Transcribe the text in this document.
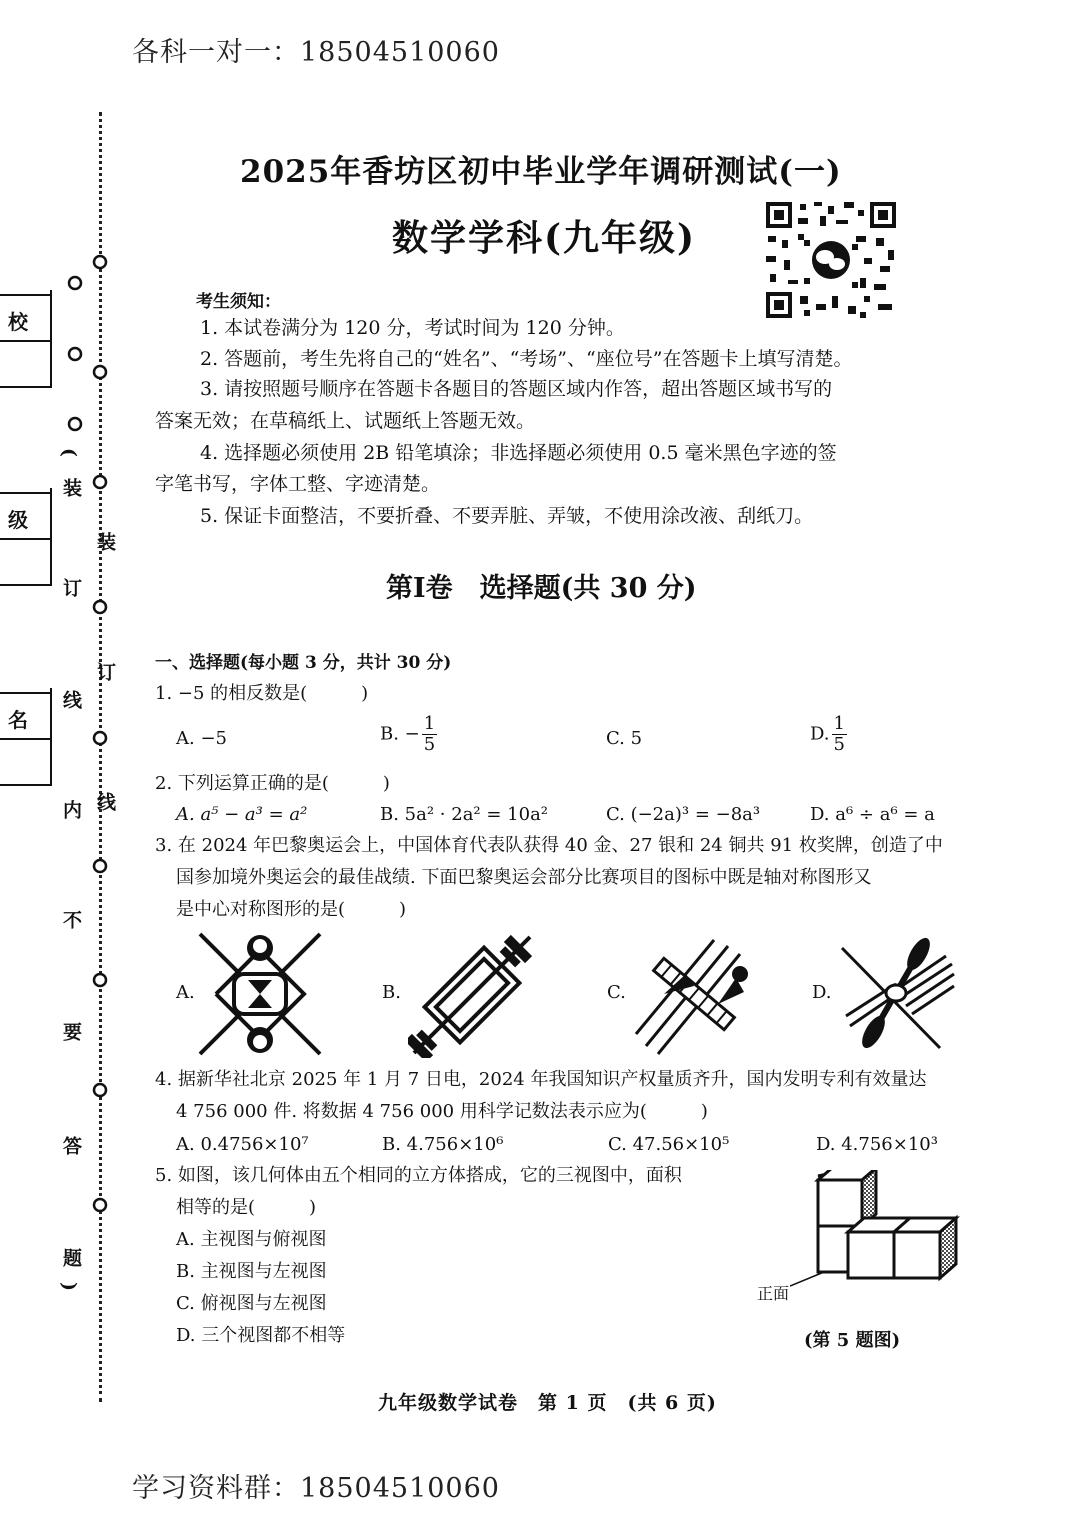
各科一对一：18504510060
校
级
名
(
装
订
线
内
不
要
答
题
)
装
订
线
2025年香坊区初中毕业学年调研测试(一)
数学学科(九年级)
考生须知：
1. 本试卷满分为 120 分，考试时间为 120 分钟。
2. 答题前，考生先将自己的“姓名”、“考场”、“座位号”在答题卡上填写清楚。
3. 请按照题号顺序在答题卡各题目的答题区域内作答，超出答题区域书写的
答案无效；在草稿纸上、试题纸上答题无效。
4. 选择题必须使用 2B 铅笔填涂；非选择题必须使用 0.5 毫米黑色字迹的签
字笔书写，字体工整、字迹清楚。
5. 保证卡面整洁，不要折叠、不要弄脏、弄皱，不使用涂改液、刮纸刀。
第Ⅰ卷　选择题(共 30 分)
一、选择题(每小题 3 分，共计 30 分)
1. −5 的相反数是(　　　)
A. −5	B. − $\frac{1}{5}$	C. 5	D. $\frac{1}{5}$
2. 下列运算正确的是(　　　)
A. a⁵ − a³ = a²	B. 5a² · 2a² = 10a²	C. (−2a)³ = −8a³	D. a⁶ ÷ a⁶ = a
3. 在 2024 年巴黎奥运会上，中国体育代表队获得 40 金、27 银和 24 铜共 91 枚奖牌，创造了中
国参加境外奥运会的最佳战绩. 下面巴黎奥运会部分比赛项目的图标中既是轴对称图形又
是中心对称图形的是(　　　)
A.	B.	C.	D.
4. 据新华社北京 2025 年 1 月 7 日电，2024 年我国知识产权量质齐升，国内发明专利有效量达
4 756 000 件. 将数据 4 756 000 用科学记数法表示应为(　　　)
A. 0.4756×10⁷	B. 4.756×10⁶	C. 47.56×10⁵	D. 4.756×10³
5. 如图，该几何体由五个相同的立方体搭成，它的三视图中，面积
相等的是(　　　)
A. 主视图与俯视图
B. 主视图与左视图
C. 俯视图与左视图
D. 三个视图都不相等
正面
(第 5 题图)
九年级数学试卷　第 1 页　(共 6 页)
学习资料群：18504510060
